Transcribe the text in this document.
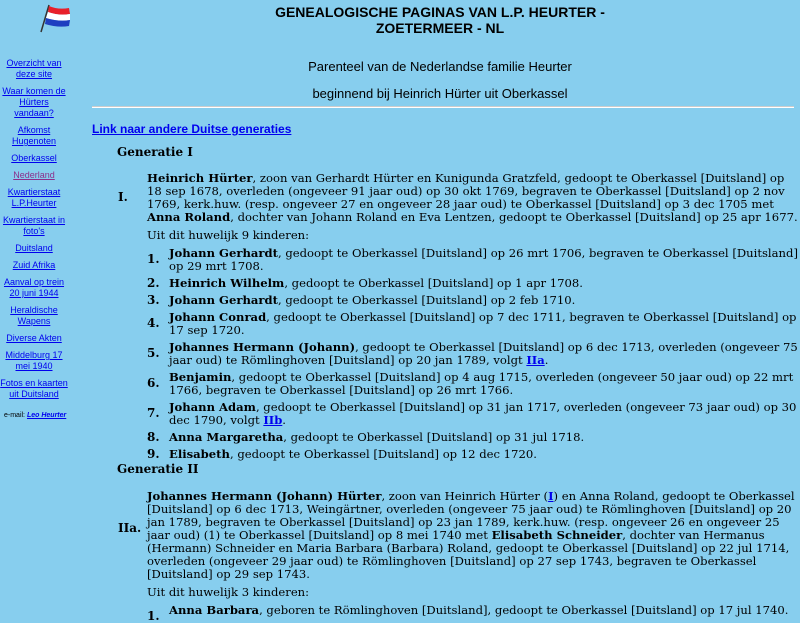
Overzicht van deze site
Waar komen de Hürters vandaan?
Afkomst Hugenoten
Oberkassel
Nederland
Kwartierstaat L.P.Heurter
Kwartierstaat in foto's
Duitsland
Zuid Afrika
Aanval op trein 20 juni 1944
Heraldische Wapens
Diverse Akten
Middelburg 17 mei 1940
Fotos en kaarten uit Duitsland
e-mail: Leo Heurter
GENEALOGISCHE PAGINAS VAN L.P. HEURTER - ZOETERMEER - NL
Parenteel van de Nederlandse familie Heurter
beginnend bij Heinrich Hürter uit Oberkassel
Link naar andere Duitse generaties
Generatie I
I.

Heinrich Hürter, zoon van Gerhardt Hürter en Kunigunda Gratzfeld, gedoopt te Oberkassel [Duitsland] op 18 sep 1678, overleden (ongeveer 91 jaar oud) op 30 okt 1769, begraven te Oberkassel [Duitsland] op 2 nov 1769, kerk.huw. (resp. ongeveer 27 en ongeveer 28 jaar oud) te Oberkassel [Duitsland] op 3 dec 1705 met Anna Roland, dochter van Johann Roland en Eva Lentzen, gedoopt te Oberkassel [Duitsland] op 25 apr 1677.

Uit dit huwelijk 9 kinderen:

1. Johann Gerhardt, gedoopt te Oberkassel [Duitsland] op 26 mrt 1706, begraven te Oberkassel [Duitsland] op 29 mrt 1708.
2. Heinrich Wilhelm, gedoopt te Oberkassel [Duitsland] op 1 apr 1708.
3. Johann Gerhardt, gedoopt te Oberkassel [Duitsland] op 2 feb 1710.
4. Johann Conrad, gedoopt te Oberkassel [Duitsland] op 7 dec 1711, begraven te Oberkassel [Duitsland] op 17 sep 1720.
5. Johannes Hermann (Johann), gedoopt te Oberkassel [Duitsland] op 6 dec 1713, overleden (ongeveer 75 jaar oud) te Römlinghoven [Duitsland] op 20 jan 1789, volgt IIa.
6. Benjamin, gedoopt te Oberkassel [Duitsland] op 4 aug 1715, overleden (ongeveer 50 jaar oud) op 22 mrt 1766, begraven te Oberkassel [Duitsland] op 26 mrt 1766.
7. Johann Adam, gedoopt te Oberkassel [Duitsland] op 31 jan 1717, overleden (ongeveer 73 jaar oud) op 30 dec 1790, volgt IIb.
8. Anna Margaretha, gedoopt te Oberkassel [Duitsland] op 31 jul 1718.
9. Elisabeth, gedoopt te Oberkassel [Duitsland] op 12 dec 1720.
Generatie II
IIa.

Johannes Hermann (Johann) Hürter, zoon van Heinrich Hürter (I) en Anna Roland, gedoopt te Oberkassel [Duitsland] op 6 dec 1713, Weingärtner, overleden (ongeveer 75 jaar oud) te Römlinghoven [Duitsland] op 20 jan 1789, begraven te Oberkassel [Duitsland] op 23 jan 1789, kerk.huw. (resp. ongeveer 26 en ongeveer 25 jaar oud) (1) te Oberkassel [Duitsland] op 8 mei 1740 met Elisabeth Schneider, dochter van Hermanus (Hermann) Schneider en Maria Barbara (Barbara) Roland, gedoopt te Oberkassel [Duitsland] op 22 jul 1714, overleden (ongeveer 29 jaar oud) te Römlinghoven [Duitsland] op 27 sep 1743, begraven te Oberkassel [Duitsland] op 29 sep 1743.

Uit dit huwelijk 3 kinderen:

1. Anna Barbara, geboren te Römlinghoven [Duitsland], gedoopt te Oberkassel [Duitsland] op 17 jul 1740.
